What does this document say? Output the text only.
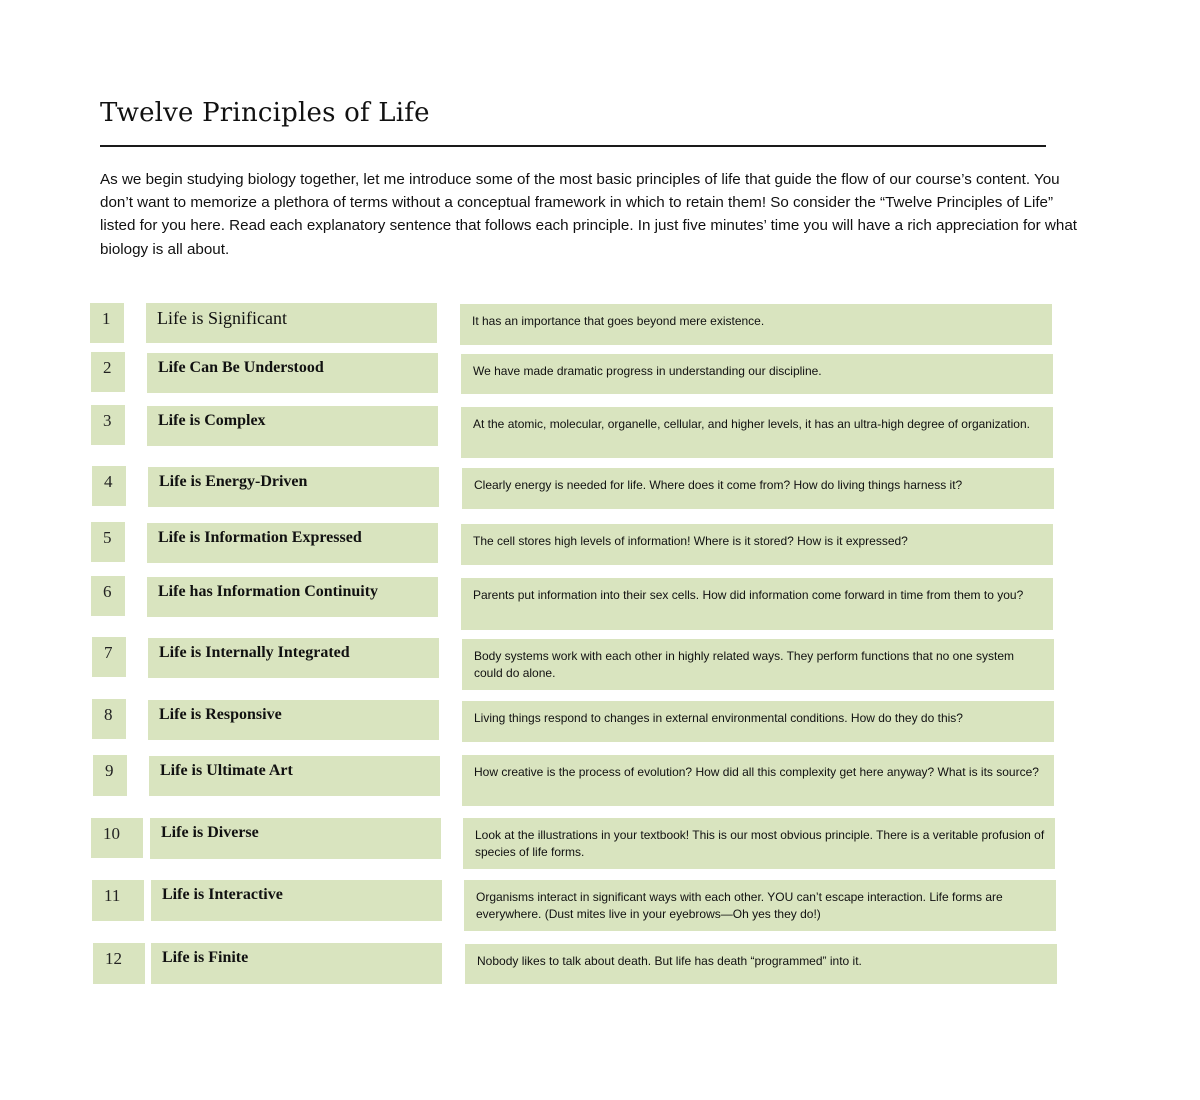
Twelve Principles of Life

As we begin studying biology together, let me introduce some of the most basic principles of life that guide the flow of our course’s content. You don’t want to memorize a plethora of terms without a conceptual framework in which to retain them! So consider the “Twelve Principles of Life” listed for you here. Read each explanatory sentence that follows each principle. In just five minutes’ time you will have a rich appreciation for what biology is all about.

1	Life is Significant	It has an importance that goes beyond mere existence.
2	Life Can Be Understood	We have made dramatic progress in understanding our discipline.
3	Life is Complex	At the atomic, molecular, organelle, cellular, and higher levels, it has an ultra-high degree of organization.
4	Life is Energy-Driven	Clearly energy is needed for life. Where does it come from? How do living things harness it?
5	Life is Information Expressed	The cell stores high levels of information! Where is it stored? How is it expressed?
6	Life has Information Continuity	Parents put information into their sex cells. How did information come forward in time from them to you?
7	Life is Internally Integrated	Body systems work with each other in highly related ways. They perform functions that no one system could do alone.
8	Life is Responsive	Living things respond to changes in external environmental conditions. How do they do this?
9	Life is Ultimate Art	How creative is the process of evolution? How did all this complexity get here anyway? What is its source?
10	Life is Diverse	Look at the illustrations in your textbook! This is our most obvious principle. There is a veritable profusion of species of life forms.
11	Life is Interactive	Organisms interact in significant ways with each other. YOU can’t escape interaction. Life forms are everywhere. (Dust mites live in your eyebrows—Oh yes they do!)
12	Life is Finite	Nobody likes to talk about death. But life has death “programmed” into it.
